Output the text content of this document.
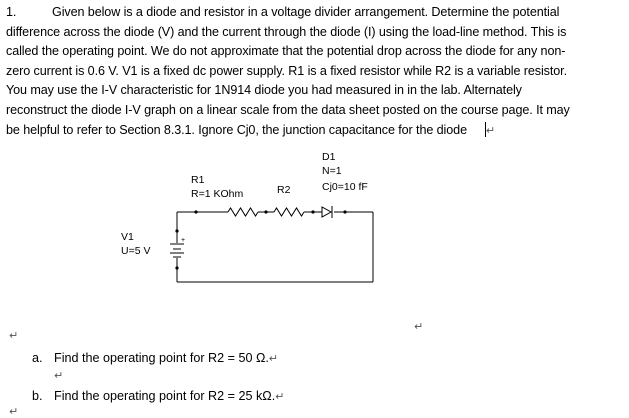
1.	Given below is a diode and resistor in a voltage divider arrangement. Determine the potential

difference across the diode (V) and the current through the diode (I) using the load-line method. This is

called the operating point. We do not approximate that the potential drop across the diode for any non-

zero current is 0.6 V. V1 is a fixed dc power supply. R1 is a fixed resistor while R2 is a variable resistor.

You may use the I-V characteristic for 1N914 diode you had measured in in the lab. Alternately

reconstruct the diode I-V graph on a linear scale from the data sheet posted on the course page. It may

be helpful to refer to Section 8.3.1. Ignore Cj0, the junction capacitance for the diode ↵

R1
R=1 KOhm	R2
D1
N=1
Cj0=10 fF
V1
U=5 V
+
↵
↵
a. Find the operating point for R2 = 50 Ω.↵
↵
b. Find the operating point for R2 = 25 kΩ.↵
↵
